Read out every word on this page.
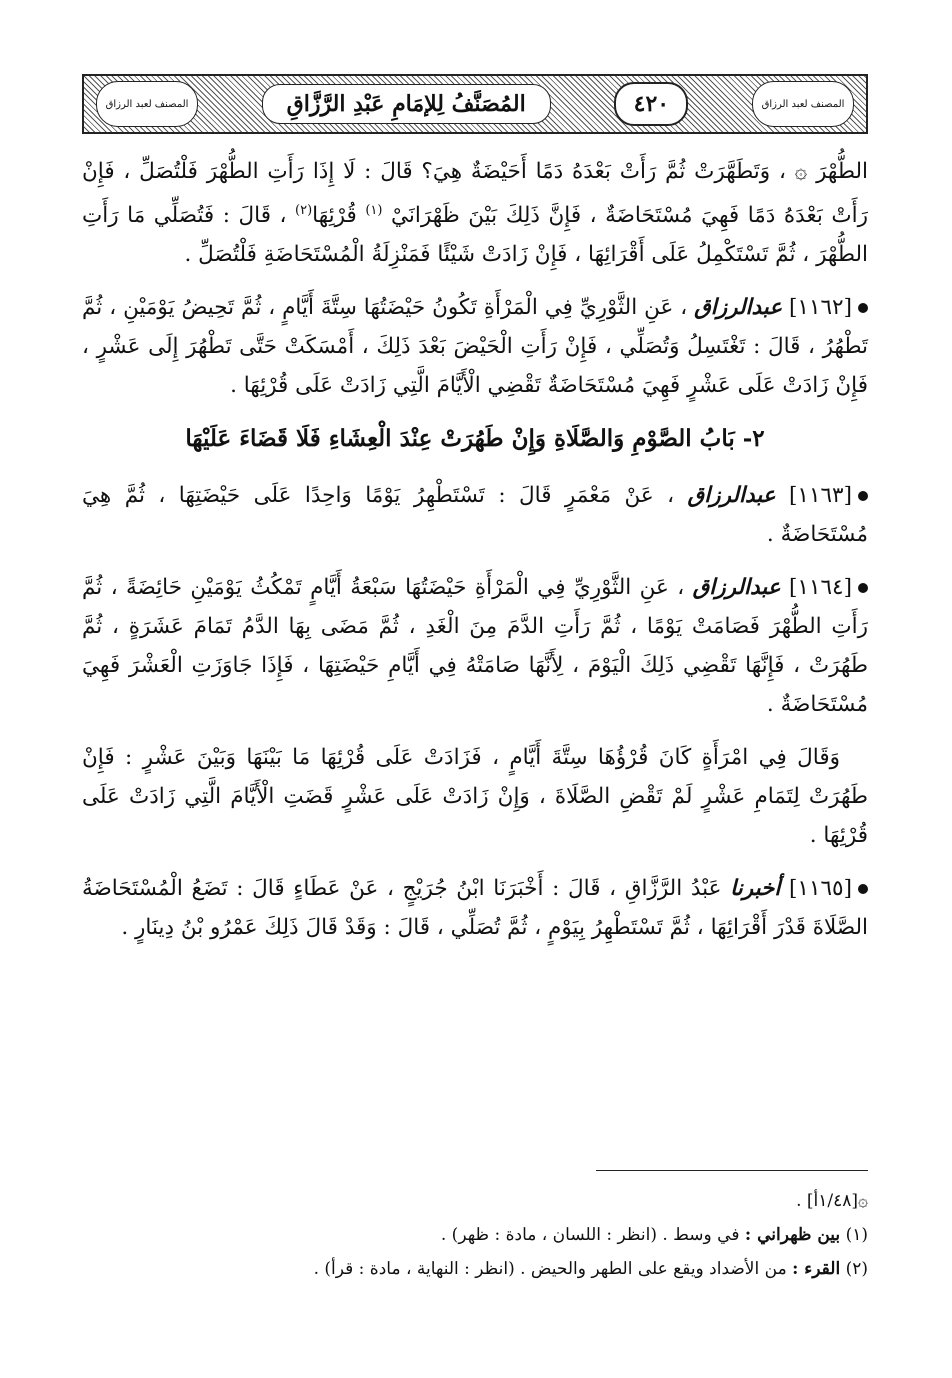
المصنف لعبد الرزاق
٤٢٠
المُصَنَّفُ لِلإمَامِ عَبْدِ الرَّزَّاقِ
المصنف لعبد الرزاق

الطُّهْرَ ۞ ، وَتَطَهَّرَتْ ثُمَّ رَأَتْ بَعْدَهُ دَمًا أَحَيْضَةٌ هِيَ؟ قَالَ : لَا إِذَا رَأَتِ الطُّهْرَ فَلْتُصَلِّ ، فَإِنْ رَأَتْ بَعْدَهُ دَمًا فَهِيَ مُسْتَحَاضَةٌ ، فَإِنَّ ذَلِكَ بَيْنَ ظَهْرَانَيْ $^{(١)}$ قُرْئِهَا$^{(٢)}$ ، قَالَ : فَتُصَلِّي مَا رَأَتِ الطُّهْرَ ، ثُمَّ تَسْتَكْمِلُ عَلَى أَقْرَائِهَا ، فَإِنْ زَادَتْ شَيْئًا فَمَنْزِلَةُ الْمُسْتَحَاضَةِ فَلْتُصَلِّ .

[١١٦٢] عبدالرزاق ، عَنِ الثَّوْرِيِّ فِي الْمَرْأَةِ تَكُونُ حَيْضَتُهَا سِتَّةَ أَيَّامٍ ، ثُمَّ تَحِيضُ يَوْمَيْنِ ، ثُمَّ تَطْهُرُ ، قَالَ : تَغْتَسِلُ وَتُصَلِّي ، فَإِنْ رَأَتِ الْحَيْضَ بَعْدَ ذَلِكَ ، أَمْسَكَتْ حَتَّى تَطْهُرَ إِلَى عَشْرٍ ، فَإِنْ زَادَتْ عَلَى عَشْرٍ فَهِيَ مُسْتَحَاضَةٌ تَقْضِي الْأَيَّامَ الَّتِي زَادَتْ عَلَى قُرْئِهَا .

٢- بَابُ الصَّوْمِ وَالصَّلَاةِ وَإِنْ طَهُرَتْ عِنْدَ الْعِشَاءِ فَلَا قَضَاءَ عَلَيْهَا

[١١٦٣] عبدالرزاق ، عَنْ مَعْمَرٍ قَالَ : تَسْتَطْهِرُ يَوْمًا وَاحِدًا عَلَى حَيْضَتِهَا ، ثُمَّ هِيَ مُسْتَحَاضَةٌ .

[١١٦٤] عبدالرزاق ، عَنِ الثَّوْرِيِّ فِي الْمَرْأَةِ حَيْضَتُهَا سَبْعَةُ أَيَّامٍ تَمْكُثُ يَوْمَيْنِ حَائِضَةً ، ثُمَّ رَأَتِ الطُّهْرَ فَصَامَتْ يَوْمًا ، ثُمَّ رَأَتِ الدَّمَ مِنَ الْغَدِ ، ثُمَّ مَضَى بِهَا الدَّمُ تَمَامَ عَشَرَةٍ ، ثُمَّ طَهُرَتْ ، فَإِنَّهَا تَقْضِي ذَلِكَ الْيَوْمَ ، لِأَنَّهَا صَامَتْهُ فِي أَيَّامِ حَيْضَتِهَا ، فَإِذَا جَاوَزَتِ الْعَشْرَ فَهِيَ مُسْتَحَاضَةٌ .

وَقَالَ فِي امْرَأَةٍ كَانَ قُرْؤُهَا سِتَّةَ أَيَّامٍ ، فَزَادَتْ عَلَى قُرْئِهَا مَا بَيْنَهَا وَبَيْنَ عَشْرٍ : فَإِنْ طَهُرَتْ لِتَمَامِ عَشْرٍ لَمْ تَقْضِ الصَّلَاةَ ، وَإِنْ زَادَتْ عَلَى عَشْرٍ قَضَتِ الْأَيَّامَ الَّتِي زَادَتْ عَلَى قُرْئِهَا .

[١١٦٥] أخبرنا عَبْدُ الرَّزَّاقِ ، قَالَ : أَخْبَرَنَا ابْنُ جُرَيْجٍ ، عَنْ عَطَاءٍ قَالَ : تَضَعُ الْمُسْتَحَاضَةُ الصَّلَاةَ قَدْرَ أَقْرَائِهَا ، ثُمَّ تَسْتَطْهِرُ بِيَوْمٍ ، ثُمَّ تُصَلِّي ، قَالَ : وَقَدْ قَالَ ذَلِكَ عَمْرُو بْنُ دِينَارٍ .

۞[١/٤٨أ] .

(١) بين ظهراني : في وسط . (انظر : اللسان ، مادة : ظهر) .

(٢) القرء : من الأضداد ويقع على الطهر والحيض . (انظر : النهاية ، مادة : قرأ) .
